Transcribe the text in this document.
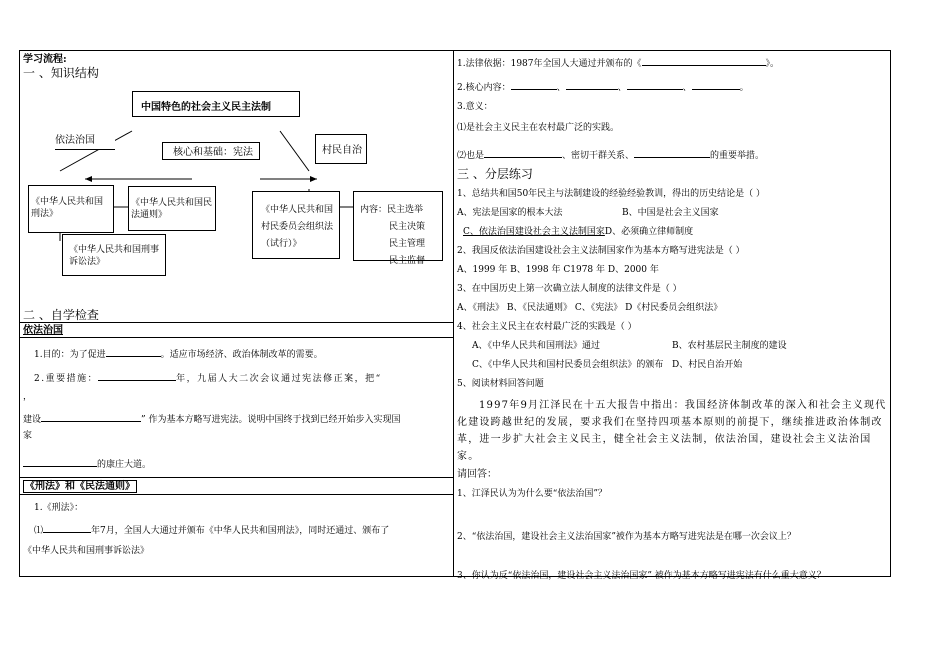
学习流程:
一 、知识结构
中国特色的社会主义民主法制
依法治国
核心和基础：宪法	村民自治
《中华人民共和国刑法》
《中华人民共和国民法通则》
《中华人民共和国刑事诉讼法》
《中华人民共和国村民委员会组织法（试行）》
内容：民主选举
民主决策
民主管理
民主监督
二 、自学检查
依法治国
1.目的：为了促进	。适应市场经济、政治体制改革的需要。
2.重要措施：	年，九届人大二次会议通过宪法修正案，把“
，
建设	” 作为基本方略写进宪法。说明中国终于找到已经开始步入实现国
家
的康庄大道。
《刑法》和《民法通则》
1.《刑法》：
⑴	年7月，全国人大通过并颁布《中华人民共和国刑法》，同时还通过、颁布了
《中华人民共和国刑事诉讼法》
1.法律依据：1987年全国人大通过并颁布的《	》。
2.核心内容：	、	、	、	。
3.意义：
⑴是社会主义民主在农村最广泛的实践。
⑵也是	、密切干群关系、	的重要举措。
三 、分层练习
1、总结共和国50年民主与法制建设的经验经验教训，得出的历史结论是（ ）
A、宪法是国家的根本大法	B、中国是社会主义国家
C、依法治国建设社会主义法制国家D、必须确立律师制度
2、我国反依法治国建设社会主义法制国家作为基本方略写进宪法是（ ）
A、1999 年 B、1998 年 C1978 年 D、2000 年
3、在中国历史上第一次确立法人制度的法律文件是（ ）
A、《刑法》 B、《民法通则》 C、《宪法》 D《村民委员会组织法》
4、社会主义民主在农村最广泛的实践是（ ）
A、《中华人民共和国刑法》通过	B、农村基层民主制度的建设
C、《中华人民共和国村民委员会组织法》的颁布 D、村民自治开始
5、阅读材料回答问题
1997年9月江泽民在十五大报告中指出：我国经济体制改革的深入和社会主义现代化建设跨越世纪的发展，要求我们在坚持四项基本原则的前提下，继续推进政治体制改革，进一步扩大社会主义民主，健全社会主义法制，依法治国，建设社会主义法治国家。
请回答：
1、江泽民认为为什么要“依法治国”？
2、“依法治国，建设社会主义法治国家”被作为基本方略写进宪法是在哪一次会议上？
3、你认为反“依法治国，建设社会主义法治国家” 被作为基本方略写进宪法有什么重大意义？
